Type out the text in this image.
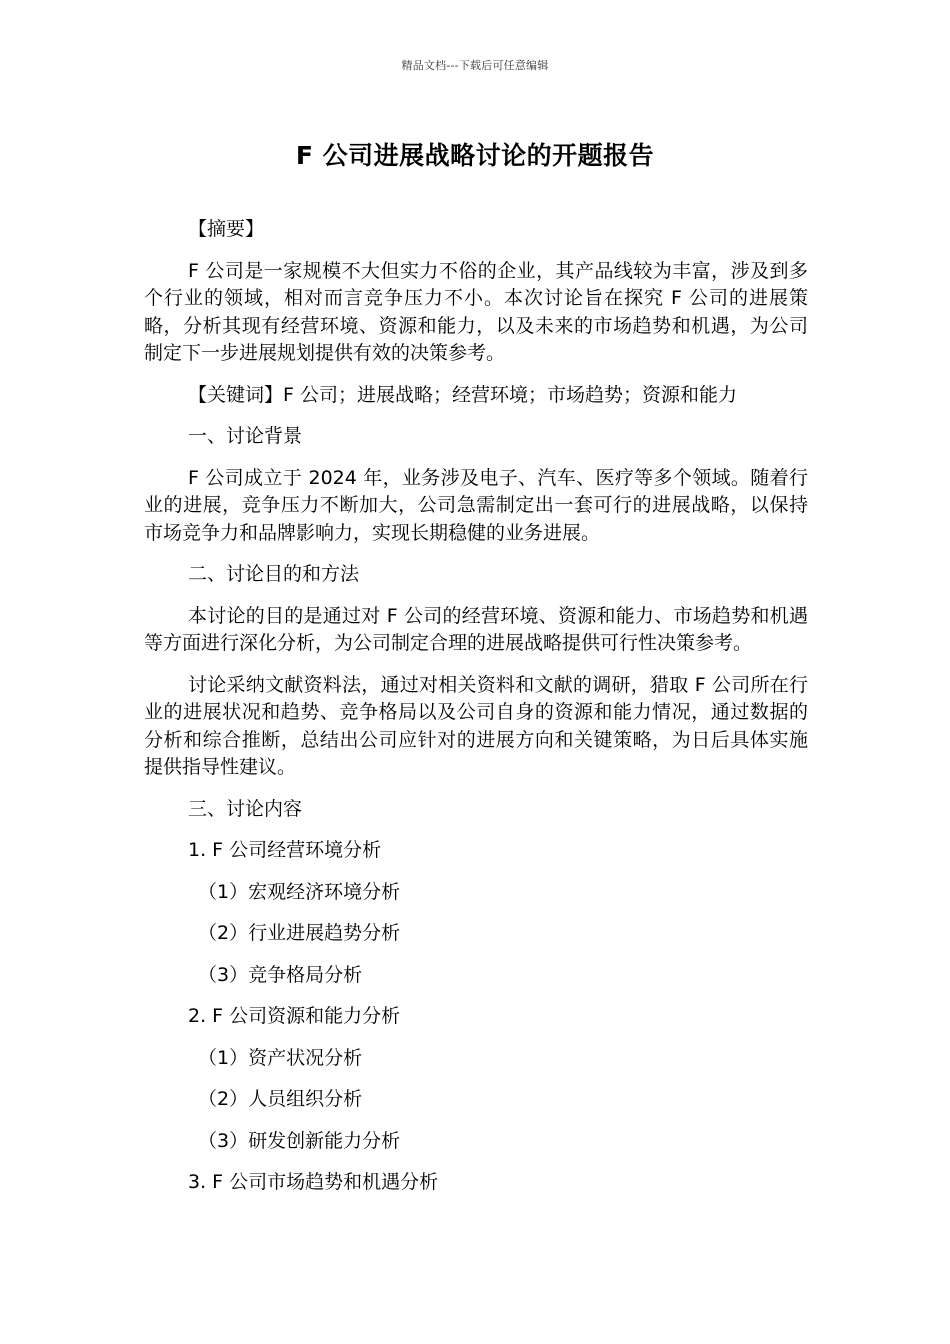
精品文档---下载后可任意编辑
F 公司进展战略讨论的开题报告

【摘要】

F 公司是一家规模不大但实力不俗的企业，其产品线较为丰富，涉及到多个行业的领域，相对而言竞争压力不小。本次讨论旨在探究 F 公司的进展策略，分析其现有经营环境、资源和能力，以及未来的市场趋势和机遇，为公司制定下一步进展规划提供有效的决策参考。

【关键词】F 公司；进展战略；经营环境；市场趋势；资源和能力

一、讨论背景

F 公司成立于 2024 年，业务涉及电子、汽车、医疗等多个领域。随着行业的进展，竞争压力不断加大，公司急需制定出一套可行的进展战略，以保持市场竞争力和品牌影响力，实现长期稳健的业务进展。

二、讨论目的和方法

本讨论的目的是通过对 F 公司的经营环境、资源和能力、市场趋势和机遇等方面进行深化分析，为公司制定合理的进展战略提供可行性决策参考。

讨论采纳文献资料法，通过对相关资料和文献的调研，猎取 F 公司所在行业的进展状况和趋势、竞争格局以及公司自身的资源和能力情况，通过数据的分析和综合推断，总结出公司应针对的进展方向和关键策略，为日后具体实施提供指导性建议。

三、讨论内容

1. F 公司经营环境分析

（1）宏观经济环境分析

（2）行业进展趋势分析

（3）竞争格局分析

2. F 公司资源和能力分析

（1）资产状况分析

（2）人员组织分析

（3）研发创新能力分析

3. F 公司市场趋势和机遇分析
